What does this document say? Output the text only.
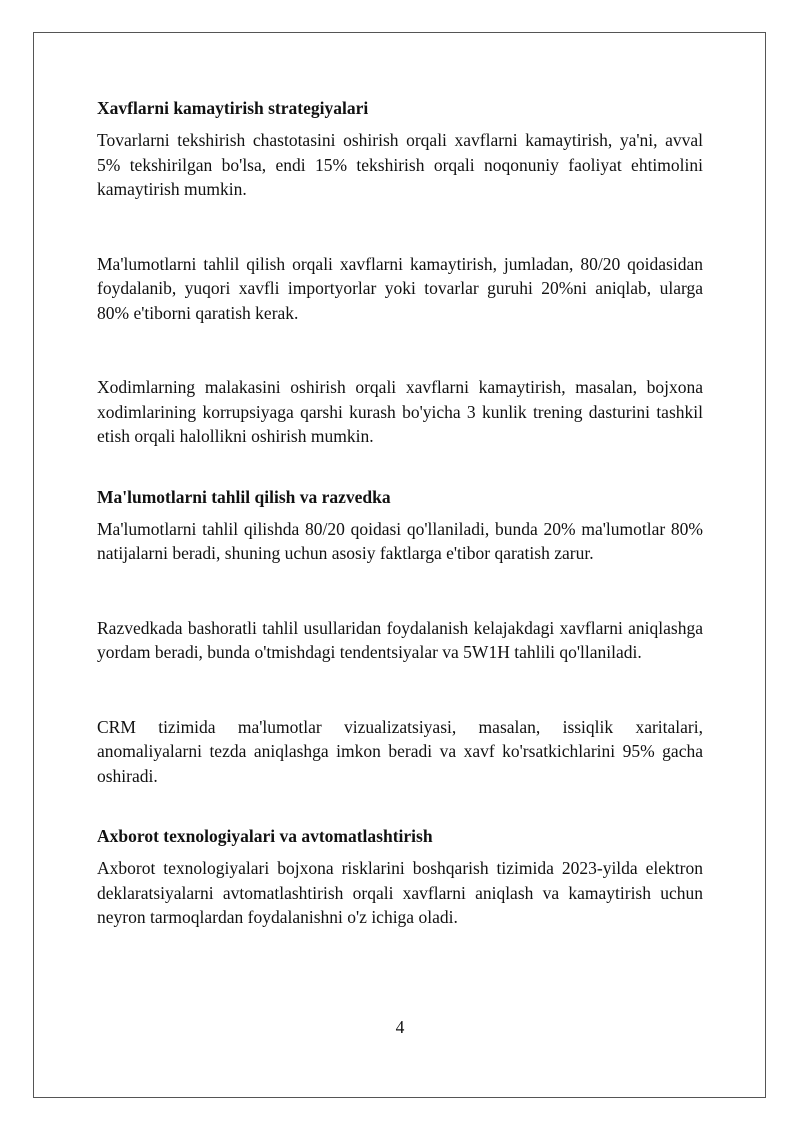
Xavflarni kamaytirish strategiyalari

Tovarlarni tekshirish chastotasini oshirish orqali xavflarni kamaytirish, ya'ni, avval 5% tekshirilgan bo'lsa, endi 15% tekshirish orqali noqonuniy faoliyat ehtimolini kamaytirish mumkin.

Ma'lumotlarni tahlil qilish orqali xavflarni kamaytirish, jumladan, 80/20 qoidasidan foydalanib, yuqori xavfli importyorlar yoki tovarlar guruhi 20%ni aniqlab, ularga 80% e'tiborni qaratish kerak.

Xodimlarning malakasini oshirish orqali xavflarni kamaytirish, masalan, bojxona xodimlarining korrupsiyaga qarshi kurash bo'yicha 3 kunlik trening dasturini tashkil etish orqali halollikni oshirish mumkin.

Ma'lumotlarni tahlil qilish va razvedka

Ma'lumotlarni tahlil qilishda 80/20 qoidasi qo'llaniladi, bunda 20% ma'lumotlar 80% natijalarni beradi, shuning uchun asosiy faktlarga e'tibor qaratish zarur.

Razvedkada bashoratli tahlil usullaridan foydalanish kelajakdagi xavflarni aniqlashga yordam beradi, bunda o'tmishdagi tendentsiyalar va 5W1H tahlili qo'llaniladi.

CRM tizimida ma'lumotlar vizualizatsiyasi, masalan, issiqlik xaritalari, anomaliyalarni tezda aniqlashga imkon beradi va xavf ko'rsatkichlarini 95% gacha oshiradi.

Axborot texnologiyalari va avtomatlashtirish

Axborot texnologiyalari bojxona risklarini boshqarish tizimida 2023-yilda elektron deklaratsiyalarni avtomatlashtirish orqali xavflarni aniqlash va kamaytirish uchun neyron tarmoqlardan foydalanishni o'z ichiga oladi.

4
